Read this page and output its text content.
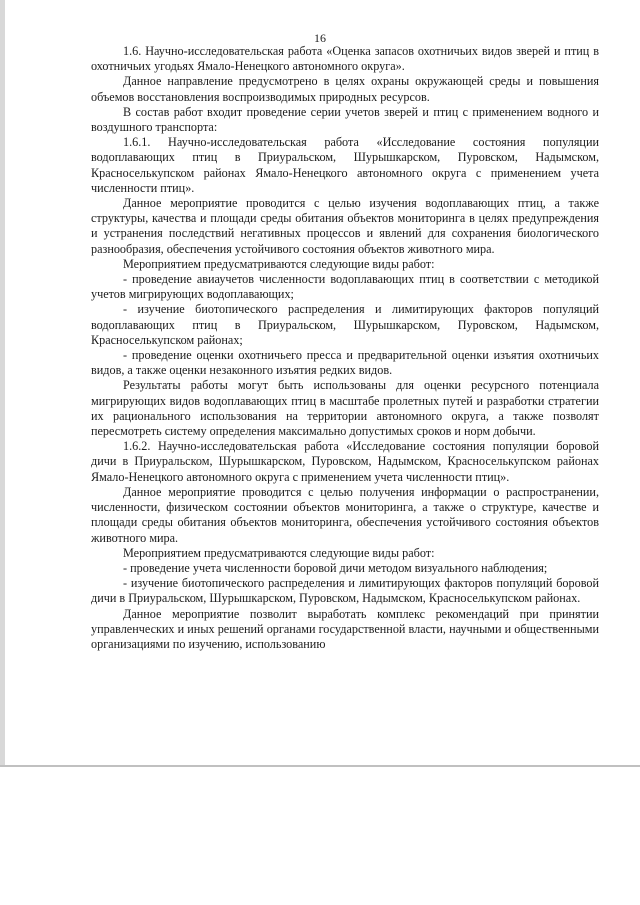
16

1.6. Научно-исследовательская работа «Оценка запасов охотничьих видов зверей и птиц в охотничьих угодьях Ямало-Ненецкого автономного округа».

Данное направление предусмотрено в целях охраны окружающей среды и повышения объемов восстановления воспроизводимых природных ресурсов.

В состав работ входит проведение серии учетов зверей и птиц с применением водного и воздушного транспорта:

1.6.1. Научно-исследовательская работа «Исследование состояния популяции водоплавающих птиц в Приуральском, Шурышкарском, Пуровском, Надымском, Красноселькупском районах Ямало-Ненецкого автономного округа с применением учета численности птиц».

Данное мероприятие проводится с целью изучения водоплавающих птиц, а также структуры, качества и площади среды обитания объектов мониторинга в целях предупреждения и устранения последствий негативных процессов и явлений для сохранения биологического разнообразия, обеспечения устойчивого состояния объектов животного мира.

Мероприятием предусматриваются следующие виды работ:

- проведение авиаучетов численности водоплавающих птиц в соответствии с методикой учетов мигрирующих водоплавающих;

- изучение биотопического распределения и лимитирующих факторов популяций водоплавающих птиц в Приуральском, Шурышкарском, Пуровском, Надымском, Красноселькупском районах;

- проведение оценки охотничьего пресса и предварительной оценки изъятия охотничьих видов, а также оценки незаконного изъятия редких видов.

Результаты работы могут быть использованы для оценки ресурсного потенциала мигрирующих видов водоплавающих птиц в масштабе пролетных путей и разработки стратегии их рационального использования на территории автономного округа, а также позволят пересмотреть систему определения максимально допустимых сроков и норм добычи.

1.6.2. Научно-исследовательская работа «Исследование состояния популяции боровой дичи в Приуральском, Шурышкарском, Пуровском, Надымском, Красноселькупском районах Ямало-Ненецкого автономного округа с применением учета численности птиц».

Данное мероприятие проводится с целью получения информации о распространении, численности, физическом состоянии объектов мониторинга, а также о структуре, качестве и площади среды обитания объектов мониторинга, обеспечения устойчивого состояния объектов животного мира.

Мероприятием предусматриваются следующие виды работ:

- проведение учета численности боровой дичи методом визуального наблюдения;

- изучение биотопического распределения и лимитирующих факторов популяций боровой дичи в Приуральском, Шурышкарском, Пуровском, Надымском, Красноселькупском районах.

Данное мероприятие позволит выработать комплекс рекомендаций при принятии управленческих и иных решений органами государственной власти, научными и общественными организациями по изучению, использованию
